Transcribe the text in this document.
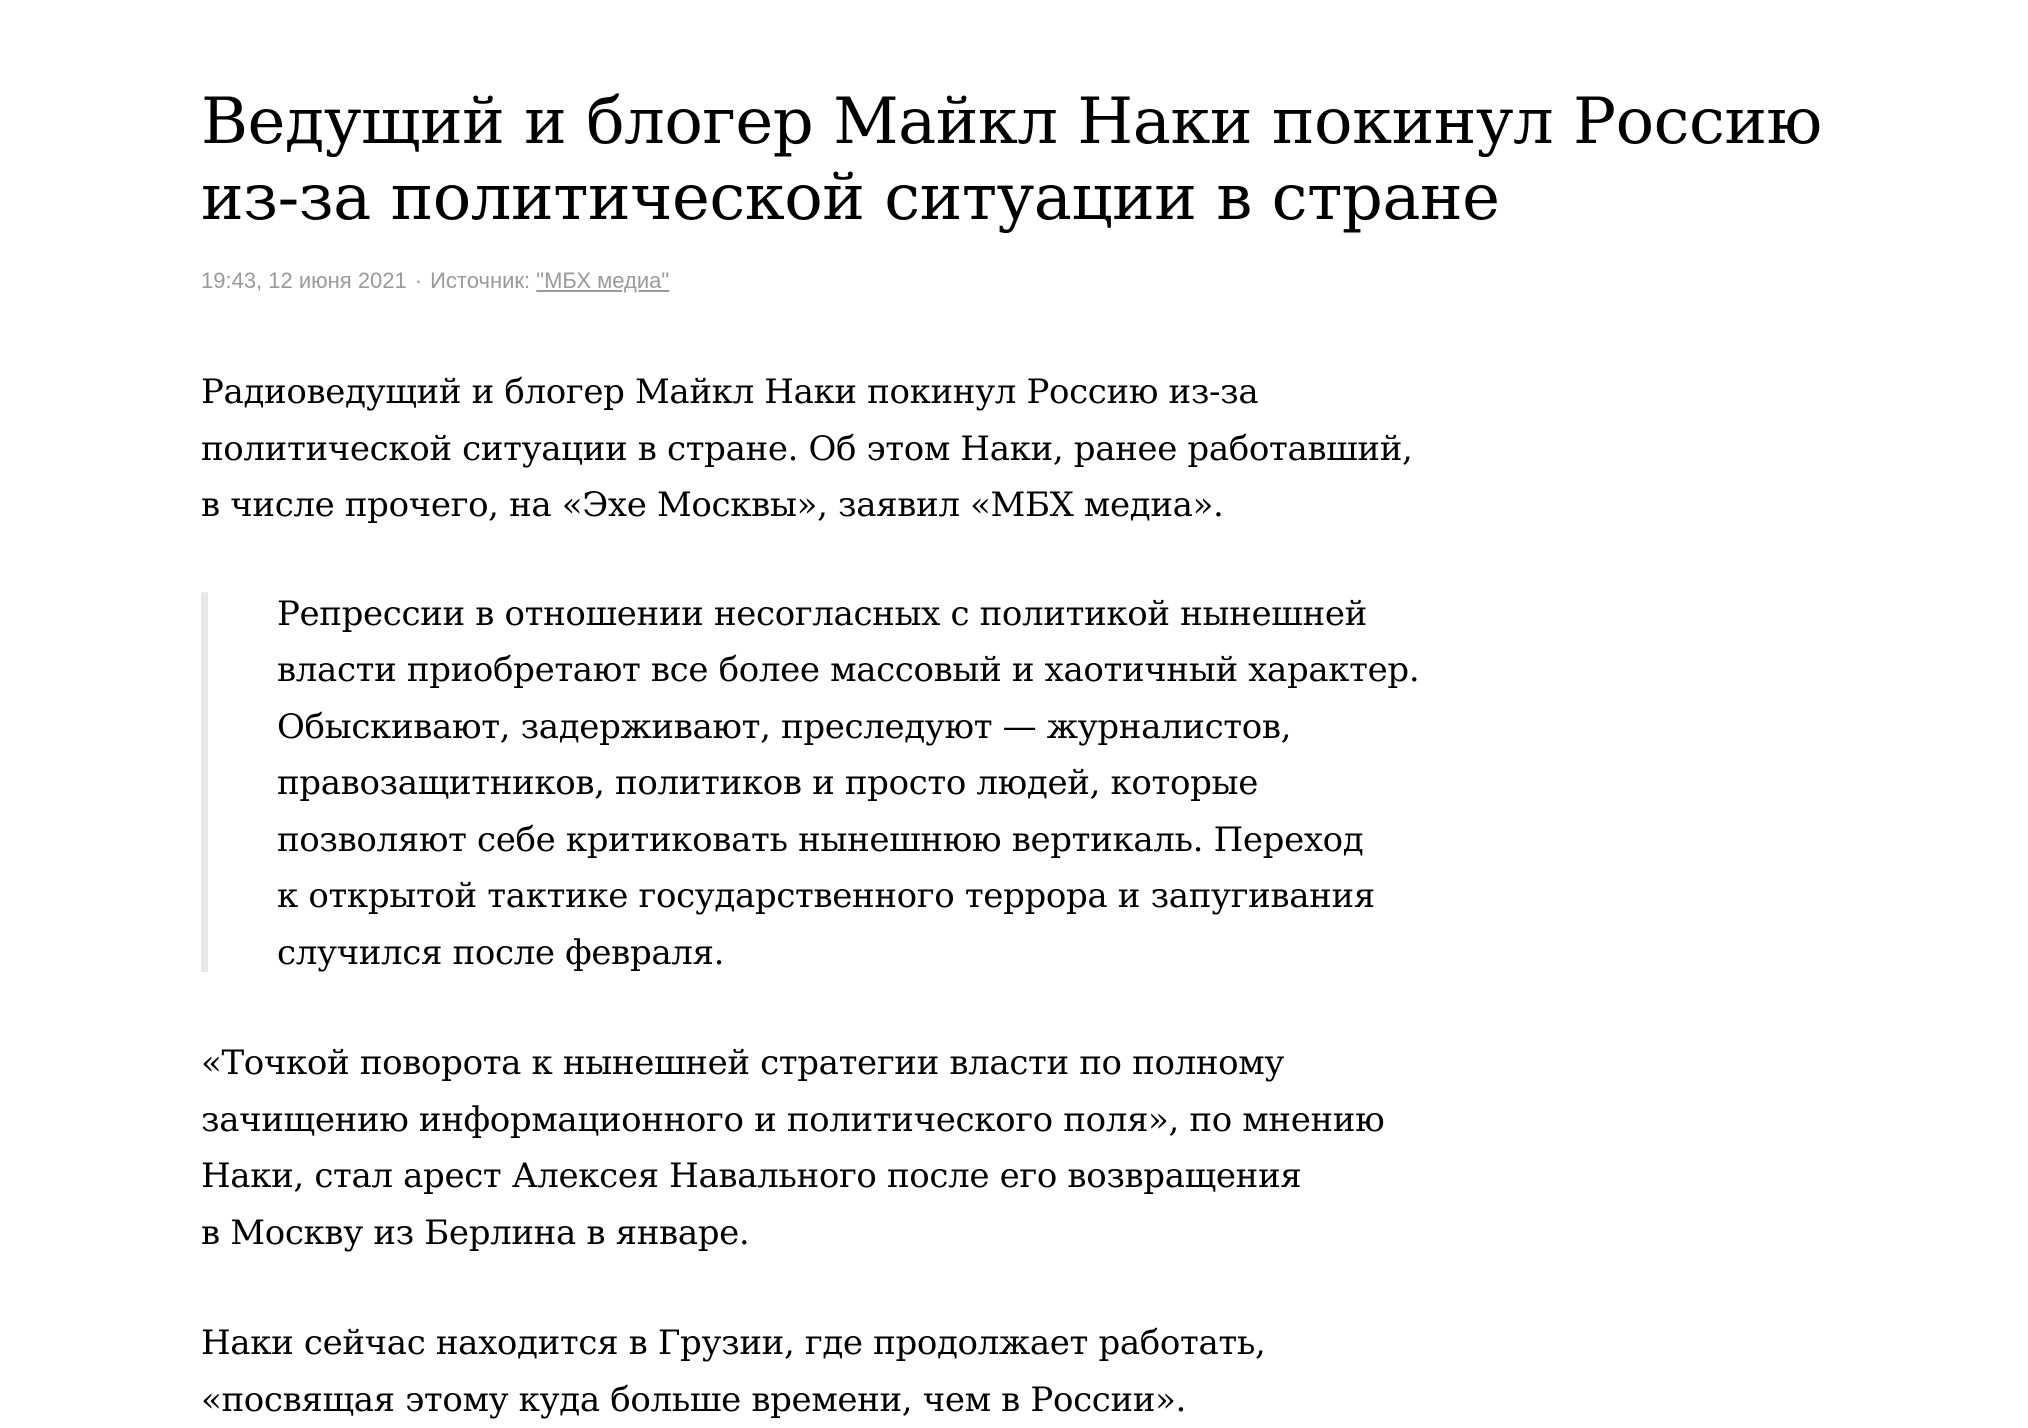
Ведущий и блогер Майкл Наки покинул Россию
из-за политической ситуации в стране
19:43, 12 июня 2021 · Источник: "МБХ медиа"
Радиоведущий и блогер Майкл Наки покинул Россию из-за
политической ситуации в стране. Об этом Наки, ранее работавший,
в числе прочего, на «Эхе Москвы», заявил «МБХ медиа».
Репрессии в отношении несогласных с политикой нынешней
власти приобретают все более массовый и хаотичный характер.
Обыскивают, задерживают, преследуют — журналистов,
правозащитников, политиков и просто людей, которые
позволяют себе критиковать нынешнюю вертикаль. Переход
к открытой тактике государственного террора и запугивания
случился после февраля.
«Точкой поворота к нынешней стратегии власти по полному
зачищению информационного и политического поля», по мнению
Наки, стал арест Алексея Навального после его возвращения
в Москву из Берлина в январе.
Наки сейчас находится в Грузии, где продолжает работать,
«посвящая этому куда больше времени, чем в России».
